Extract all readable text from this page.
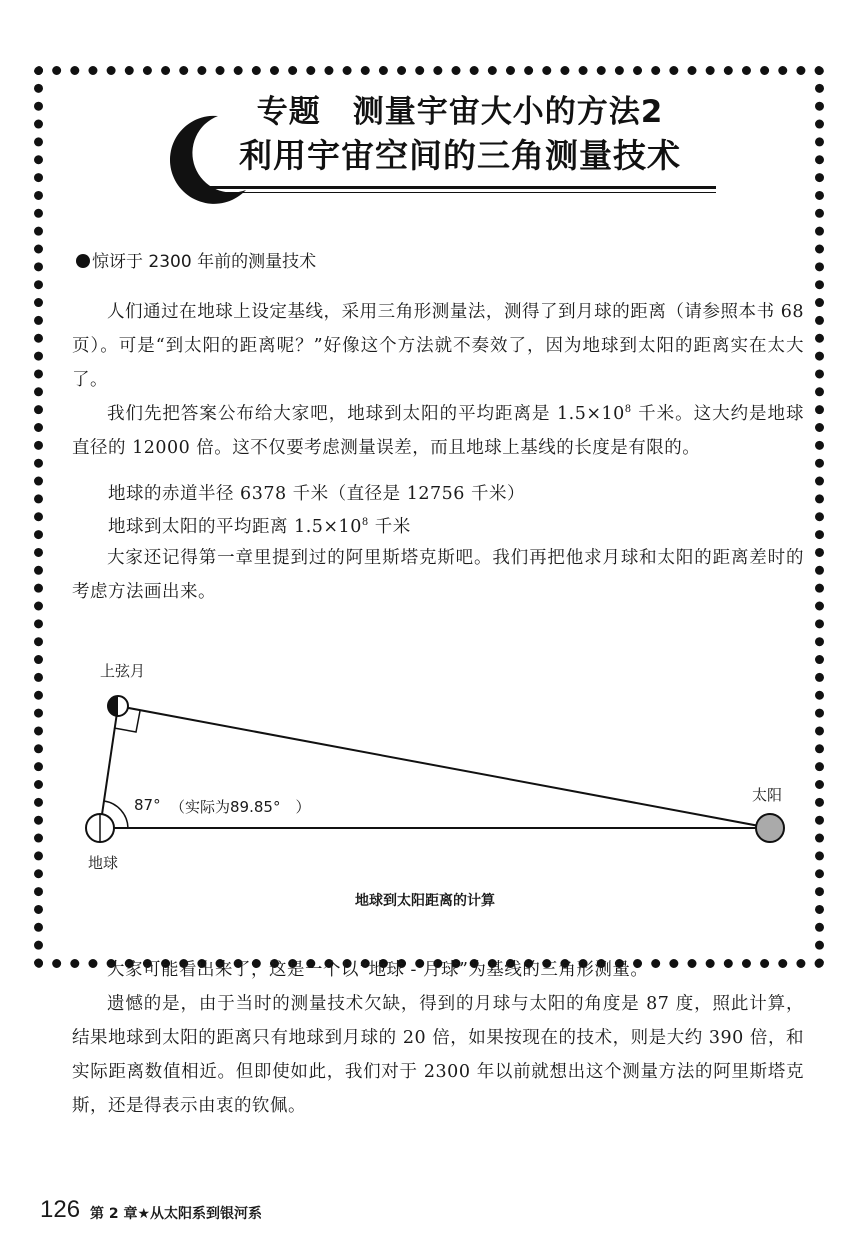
专题　测量宇宙大小的方法2
利用宇宙空间的三角测量技术
惊讶于 2300 年前的测量技术
人们通过在地球上设定基线，采用三角形测量法，测得了到月球的距离（请参照本书 68 页）。可是“到太阳的距离呢？”好像这个方法就不奏效了，因为地球到太阳的距离实在太大了。
我们先把答案公布给大家吧，地球到太阳的平均距离是 $1.5\times 10^8$ 千米。这大约是地球直径的 12000 倍。这不仅要考虑测量误差，而且地球上基线的长度是有限的。
地球的赤道半径 6378 千米（直径是 12756 千米）
地球到太阳的平均距离 $1.5\times 10^8$ 千米
大家还记得第一章里提到过的阿里斯塔克斯吧。我们再把他求月球和太阳的距离差时的考虑方法画出来。
上弦月
太阳
地球
87° （实际为89.85°　）
地球到太阳距离的计算
大家可能看出来了，这是一个以“地球 - 月球”为基线的三角形测量。
遗憾的是，由于当时的测量技术欠缺，得到的月球与太阳的角度是 87 度，照此计算，结果地球到太阳的距离只有地球到月球的 20 倍，如果按现在的技术，则是大约 390 倍，和实际距离数值相近。但即使如此，我们对于 2300 年以前就想出这个测量方法的阿里斯塔克斯，还是得表示由衷的钦佩。
126 第 2 章★从太阳系到银河系
